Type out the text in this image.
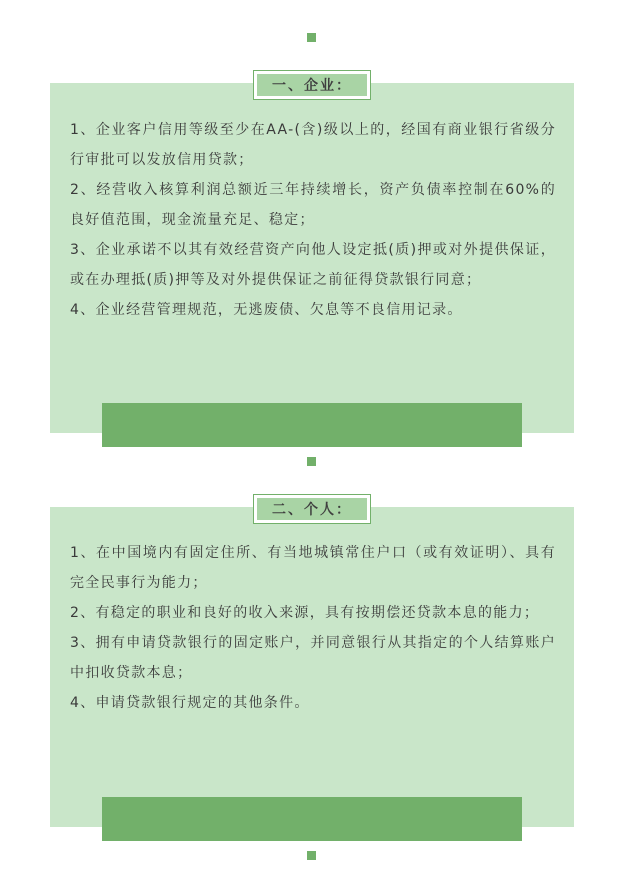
一、企业：
1、企业客户信用等级至少在AA-(含)级以上的，经国有商业银行省级分行审批可以发放信用贷款；
2、经营收入核算利润总额近三年持续增长，资产负债率控制在60%的良好值范围，现金流量充足、稳定；
3、企业承诺不以其有效经营资产向他人设定抵(质)押或对外提供保证，或在办理抵(质)押等及对外提供保证之前征得贷款银行同意；
4、企业经营管理规范，无逃废债、欠息等不良信用记录。
二、个人：
1、在中国境内有固定住所、有当地城镇常住户口（或有效证明）、具有完全民事行为能力；
2、有稳定的职业和良好的收入来源，具有按期偿还贷款本息的能力；
3、拥有申请贷款银行的固定账户，并同意银行从其指定的个人结算账户中扣收贷款本息；
4、申请贷款银行规定的其他条件。
